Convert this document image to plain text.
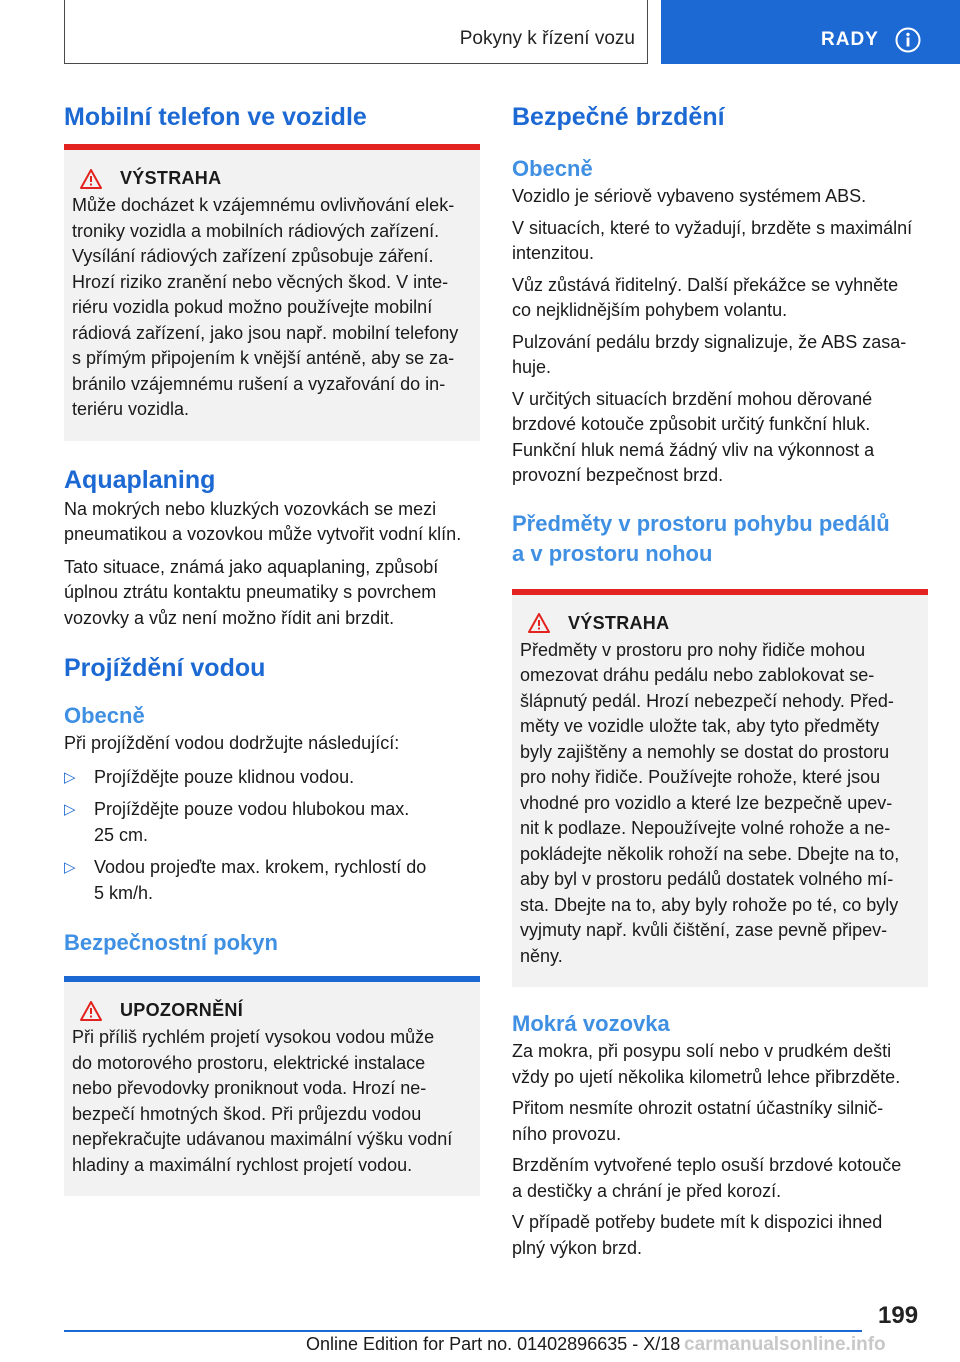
Pokyny k řízení vozu	RADY
Mobilní telefon ve vozidle
VÝSTRAHA

Může docházet k vzájemnému ovlivňování elek-

troniky vozidla a mobilních rádiových zařízení.

Vysílání rádiových zařízení způsobuje záření.

Hrozí riziko zranění nebo věcných škod. V inte-

riéru vozidla pokud možno používejte mobilní

rádiová zařízení, jako jsou např. mobilní telefony

s přímým připojením k vnější anténě, aby se za-

bránilo vzájemnému rušení a vyzařování do in-

teriéru vozidla.

Aquaplaning

Na mokrých nebo kluzkých vozovkách se mezi

pneumatikou a vozovkou může vytvořit vodní klín.

Tato situace, známá jako aquaplaning, způsobí

úplnou ztrátu kontaktu pneumatiky s povrchem

vozovky a vůz není možno řídit ani brzdit.

Projíždění vodou
Obecně

Při projíždění vodou dodržujte následující:

▷	Projíždějte pouze klidnou vodou.

▷	Projíždějte pouze vodou hlubokou max.

25 cm.

▷	Vodou projeďte max. krokem, rychlostí do

5 km/h.

Bezpečnostní pokyn
UPOZORNĚNÍ

Při příliš rychlém projetí vysokou vodou může

do motorového prostoru, elektrické instalace

nebo převodovky proniknout voda. Hrozí ne-

bezpečí hmotných škod. Při průjezdu vodou

nepřekračujte udávanou maximální výšku vodní

hladiny a maximální rychlost projetí vodou.

Bezpečné brzdění
Obecně

Vozidlo je sériově vybaveno systémem ABS.

V situacích, které to vyžadují, brzděte s maximální

intenzitou.

Vůz zůstává řiditelný. Další překážce se vyhněte

co nejklidnějším pohybem volantu.

Pulzování pedálu brzdy signalizuje, že ABS zasa-

huje.

V určitých situacích brzdění mohou děrované

brzdové kotouče způsobit určitý funkční hluk.

Funkční hluk nemá žádný vliv na výkonnost a

provozní bezpečnost brzd.

Předměty v prostoru pohybu pedálů
a v prostoru nohou
VÝSTRAHA

Předměty v prostoru pro nohy řidiče mohou

omezovat dráhu pedálu nebo zablokovat se-

šlápnutý pedál. Hrozí nebezpečí nehody. Před-

měty ve vozidle uložte tak, aby tyto předměty

byly zajištěny a nemohly se dostat do prostoru

pro nohy řidiče. Používejte rohože, které jsou

vhodné pro vozidlo a které lze bezpečně upev-

nit k podlaze. Nepoužívejte volné rohože a ne-

pokládejte několik rohoží na sebe. Dbejte na to,

aby byl v prostoru pedálů dostatek volného mí-

sta. Dbejte na to, aby byly rohože po té, co byly

vyjmuty např. kvůli čištění, zase pevně připev-

něny.

Mokrá vozovka

Za mokra, při posypu solí nebo v prudkém dešti

vždy po ujetí několika kilometrů lehce přibrzděte.

Přitom nesmíte ohrozit ostatní účastníky silnič-

ního provozu.

Brzděním vytvořené teplo osuší brzdové kotouče

a destičky a chrání je před korozí.

V případě potřeby budete mít k dispozici ihned

plný výkon brzd.

199
Online Edition for Part no. 01402896635 - X/18 carmanualsonline.info
